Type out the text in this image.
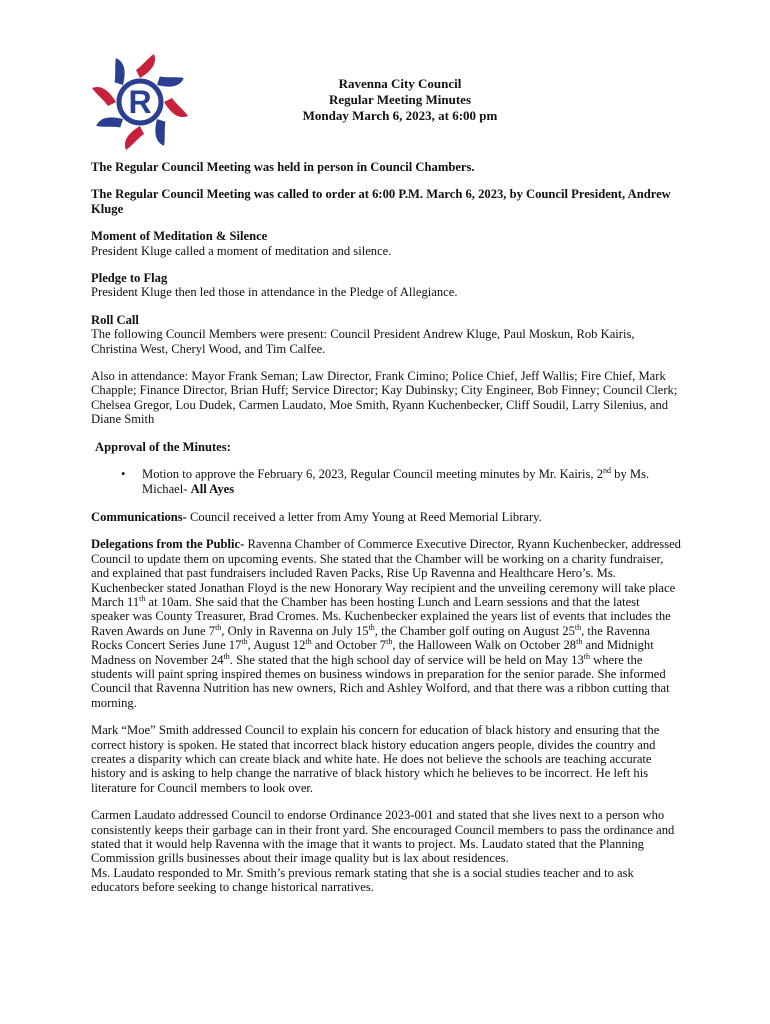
R
Ravenna City Council
Regular Meeting Minutes
Monday March 6, 2023, at 6:00 pm

The Regular Council Meeting was held in person in Council Chambers.

The Regular Council Meeting was called to order at 6:00 P.M. March 6, 2023, by Council President, Andrew Kluge

Moment of Meditation & Silence
President Kluge called a moment of meditation and silence.

Pledge to Flag
President Kluge then led those in attendance in the Pledge of Allegiance.

Roll Call
The following Council Members were present: Council President Andrew Kluge, Paul Moskun, Rob Kairis, Christina West, Cheryl Wood, and Tim Calfee.

Also in attendance: Mayor Frank Seman; Law Director, Frank Cimino; Police Chief, Jeff Wallis; Fire Chief, Mark Chapple; Finance Director, Brian Huff; Service Director; Kay Dubinsky; City Engineer, Bob Finney; Council Clerk; Chelsea Gregor, Lou Dudek, Carmen Laudato, Moe Smith, Ryann Kuchenbecker, Cliff Soudil, Larry Silenius, and Diane Smith

Approval of the Minutes:

• Motion to approve the February 6, 2023, Regular Council meeting minutes by Mr. Kairis, 2nd by Ms. Michael- All Ayes

Communications- Council received a letter from Amy Young at Reed Memorial Library.

Delegations from the Public- Ravenna Chamber of Commerce Executive Director, Ryann Kuchenbecker, addressed Council to update them on upcoming events. She stated that the Chamber will be working on a charity fundraiser, and explained that past fundraisers included Raven Packs, Rise Up Ravenna and Healthcare Hero’s. Ms. Kuchenbecker stated Jonathan Floyd is the new Honorary Way recipient and the unveiling ceremony will take place March 11th at 10am. She said that the Chamber has been hosting Lunch and Learn sessions and that the latest speaker was County Treasurer, Brad Cromes. Ms. Kuchenbecker explained the years list of events that includes the Raven Awards on June 7th, Only in Ravenna on July 15th, the Chamber golf outing on August 25th, the Ravenna Rocks Concert Series June 17th, August 12th and October 7th, the Halloween Walk on October 28th and Midnight Madness on November 24th. She stated that the high school day of service will be held on May 13th where the students will paint spring inspired themes on business windows in preparation for the senior parade. She informed Council that Ravenna Nutrition has new owners, Rich and Ashley Wolford, and that there was a ribbon cutting that morning.

Mark “Moe” Smith addressed Council to explain his concern for education of black history and ensuring that the correct history is spoken. He stated that incorrect black history education angers people, divides the country and creates a disparity which can create black and white hate. He does not believe the schools are teaching accurate history and is asking to help change the narrative of black history which he believes to be incorrect. He left his literature for Council members to look over.

Carmen Laudato addressed Council to endorse Ordinance 2023-001 and stated that she lives next to a person who consistently keeps their garbage can in their front yard. She encouraged Council members to pass the ordinance and stated that it would help Ravenna with the image that it wants to project. Ms. Laudato stated that the Planning Commission grills businesses about their image quality but is lax about residences.

Ms. Laudato responded to Mr. Smith’s previous remark stating that she is a social studies teacher and to ask educators before seeking to change historical narratives.
